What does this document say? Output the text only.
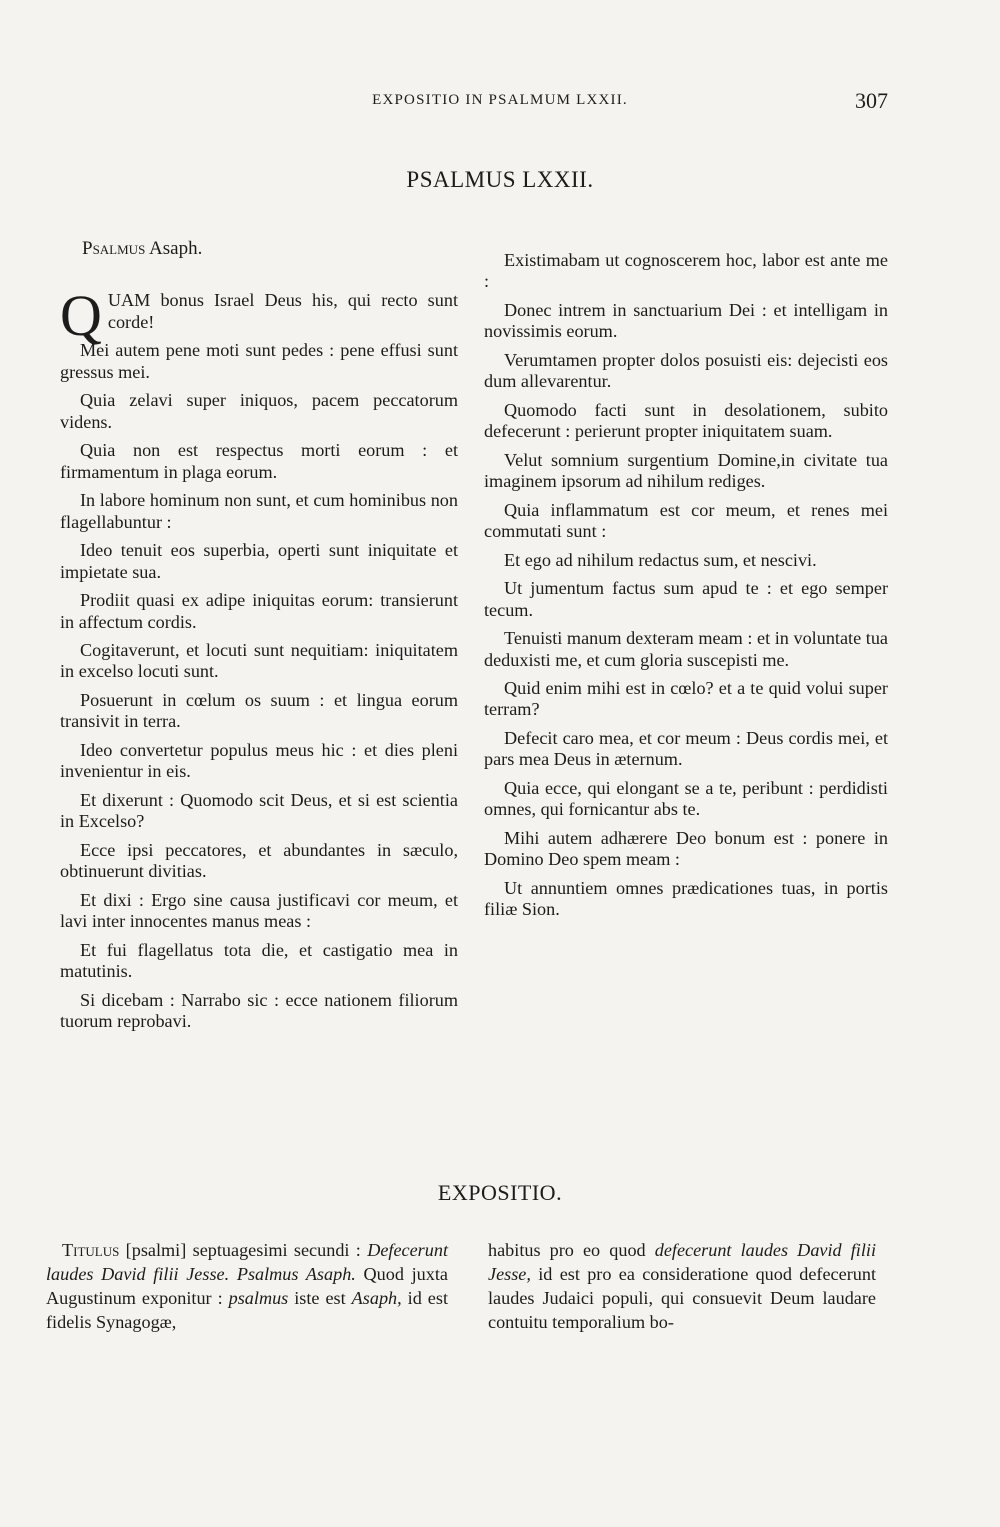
EXPOSITIO IN PSALMUM LXXII.	307
PSALMUS LXXII.

Psalmus Asaph.

QUAM bonus Israel Deus his, qui recto sunt corde!

Mei autem pene moti sunt pedes : pene effusi sunt gressus mei.

Quia zelavi super iniquos, pacem peccatorum videns.

Quia non est respectus morti eorum : et firmamentum in plaga eorum.

In labore hominum non sunt, et cum hominibus non flagellabuntur :

Ideo tenuit eos superbia, operti sunt iniquitate et impietate sua.

Prodiit quasi ex adipe iniquitas eorum: transierunt in affectum cordis.

Cogitaverunt, et locuti sunt nequitiam: iniquitatem in excelso locuti sunt.

Posuerunt in cœlum os suum : et lingua eorum transivit in terra.

Ideo convertetur populus meus hic : et dies pleni invenientur in eis.

Et dixerunt : Quomodo scit Deus, et si est scientia in Excelso?

Ecce ipsi peccatores, et abundantes in sæculo, obtinuerunt divitias.

Et dixi : Ergo sine causa justificavi cor meum, et lavi inter innocentes manus meas :

Et fui flagellatus tota die, et castigatio mea in matutinis.

Si dicebam : Narrabo sic : ecce nationem filiorum tuorum reprobavi.

Existimabam ut cognoscerem hoc, labor est ante me :

Donec intrem in sanctuarium Dei : et intelligam in novissimis eorum.

Verumtamen propter dolos posuisti eis: dejecisti eos dum allevarentur.

Quomodo facti sunt in desolationem, subito defecerunt : perierunt propter iniquitatem suam.

Velut somnium surgentium Domine,in civitate tua imaginem ipsorum ad nihilum rediges.

Quia inflammatum est cor meum, et renes mei commutati sunt :

Et ego ad nihilum redactus sum, et nescivi.

Ut jumentum factus sum apud te : et ego semper tecum.

Tenuisti manum dexteram meam : et in voluntate tua deduxisti me, et cum gloria suscepisti me.

Quid enim mihi est in cœlo? et a te quid volui super terram?

Defecit caro mea, et cor meum : Deus cordis mei, et pars mea Deus in æternum.

Quia ecce, qui elongant se a te, peribunt : perdidisti omnes, qui fornicantur abs te.

Mihi autem adhærere Deo bonum est : ponere in Domino Deo spem meam :

Ut annuntiem omnes prædicationes tuas, in portis filiæ Sion.

EXPOSITIO.

Titulus [psalmi] septuagesimi secundi : Defecerunt laudes David filii Jesse. Psalmus Asaph. Quod juxta Augustinum exponitur : psalmus iste est Asaph, id est fidelis Synagogæ,

habitus pro eo quod defecerunt laudes David filii Jesse, id est pro ea consideratione quod defecerunt laudes Judaici populi, qui consuevit Deum laudare contuitu temporalium bo-
